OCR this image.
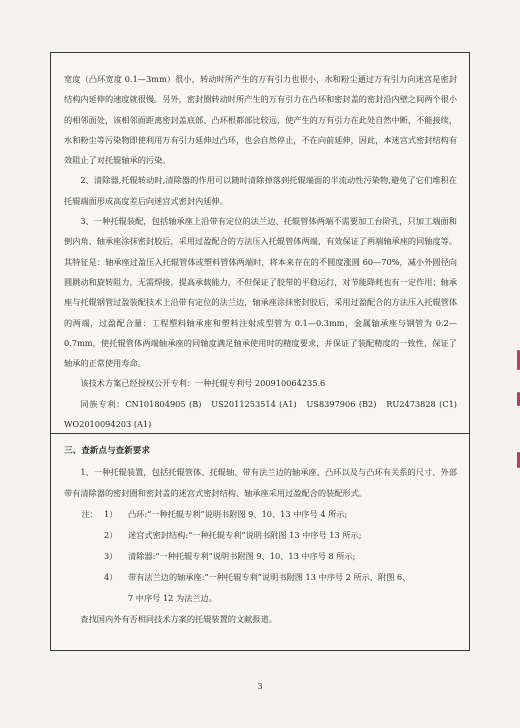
宽度（凸环宽度 0.1—3mm）很小，转动时所产生的万有引力也很小，水和粉尘通过万有引力向迷宫是密封结构内延伸的速度就很慢。另外，密封圈转动时所产生的万有引力在凸环和密封盖的密封沿内壁之间两个很小的相邻面处，该相邻面距离密封盖底部、凸环根都部比较远，使产生的万有引力在此处自然中断，不能接续，水和粉尘等污染物即使利用万有引力延伸过凸环，也会自然停止，不在向前延伸，因此，本迷宫式密封结构有效阻止了对托辊轴承的污染。

2、清除器,托辊转动时,清除器的作用可以随时清除掉落到托辊端面的半流动性污染物,避免了它们堆积在托辊端面形成高度差后向迷宫式密封内延伸。

3、一种托辊装配，包括轴承座上沿带有定位的法兰边、托辊管体两端不需要加工台阶孔，只加工端面和倒内角、轴承座涂抹密封胶后，采用过盈配合的方法压入托辊管体两端，有效保证了两端轴承座的同轴度等。其特征是：轴承座过盈压入托辊管体或塑料管体两端时，将本来存在的不圆度涨圆 60—70%，减小外圆径向圆跳动和旋转阻力，无需焊接，提高承载能力，不但保证了胶带的平稳运行，对节能降耗也有一定作用；轴承座与托辊钢管过盈装配技术上沿带有定位的法兰边，轴承座涂抹密封胶后，采用过盈配合的方法压入托辊管体的两端，过盈配合量：工程塑料轴承座和塑料注射成型管为 0.1—0.3mm，金属轴承座与钢管为 0.2—0.7mm，使托辊管体两端轴承座的同轴度满足轴承使用时的精度要求，并保证了装配精度的一致性，保证了轴承的正常使用寿命。

该技术方案已经授权公开专利：一种托辊专利号 200910064235.6

同族专利：CN101804905 (B)　US2011253514 (A1)　US8397906 (B2)　RU2473828 (C1)　WO2010094203 (A1)

三、查新点与查新要求

1、一种托辊装置，包括托辊管体、托辊轴、带有法兰边的轴承座、凸环以及与凸环有关系的尺寸、外部带有清除器的密封圈和密封盖的迷宫式密封结构、轴承座采用过盈配合的装配形式。

注： 1）	凸环:“一种托辊专利”说明书附图 9、10、13 中序号 4 所示;
2）	迷宫式密封结构:“一种托辊专利”说明书附图 13 中序号 13 所示;
3）	清除器:“一种托辊专利”说明书附图 9、10、13 中序号 8 所示;
4）	带有法兰边的轴承座:“一种托辊专利”说明书附图 13 中序号 2 所示，附图 6、

7 中序号 12 为法兰边。

查找国内外有否相同技术方案的托辊装置的文献报道。

3
